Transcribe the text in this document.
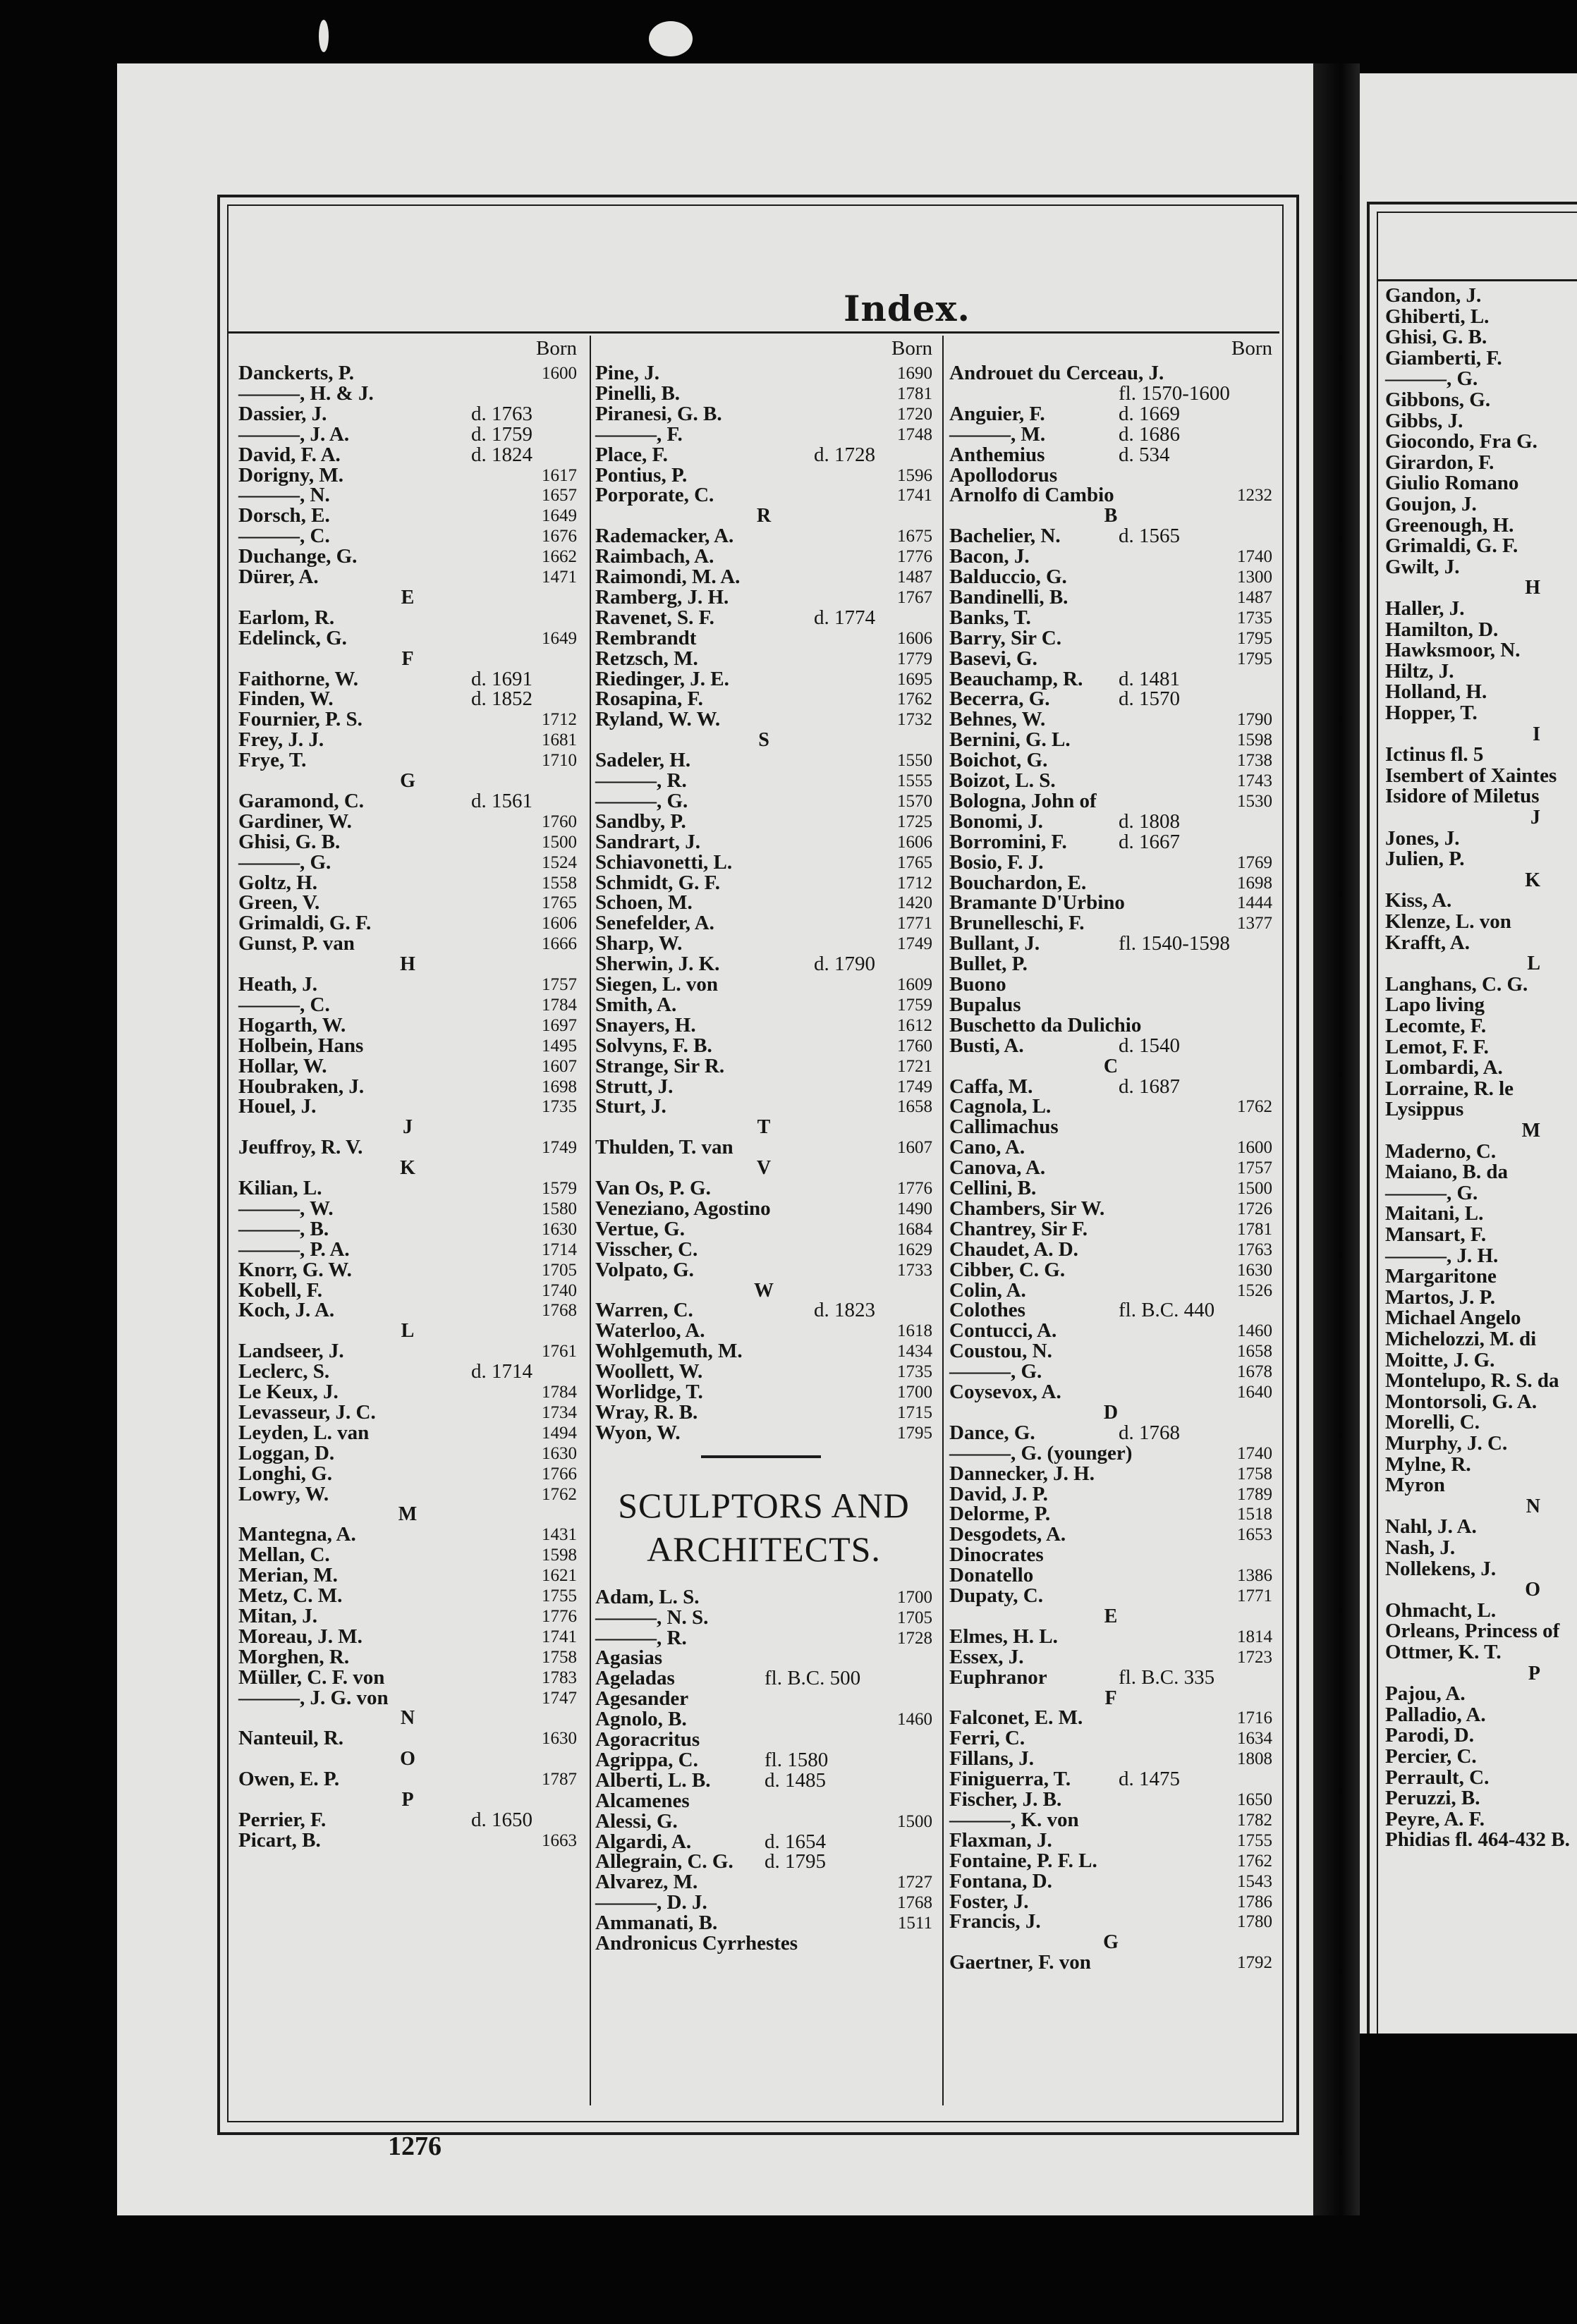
Index.
Born
Danckerts, P.	1600
———, H. & J.
Dassier, J.	d. 1763
———, J. A.	d. 1759
David, F. A.	d. 1824
Dorigny, M.	1617
———, N.	1657
Dorsch, E.	1649
———, C.	1676
Duchange, G.	1662
Dürer, A.	1471
E
Earlom, R.
Edelinck, G.	1649
F
Faithorne, W.	d. 1691
Finden, W.	d. 1852
Fournier, P. S.	1712
Frey, J. J.	1681
Frye, T.	1710
G
Garamond, C.	d. 1561
Gardiner, W.	1760
Ghisi, G. B.	1500
———, G.	1524
Goltz, H.	1558
Green, V.	1765
Grimaldi, G. F.	1606
Gunst, P. van	1666
H
Heath, J.	1757
———, C.	1784
Hogarth, W.	1697
Holbein, Hans	1495
Hollar, W.	1607
Houbraken, J.	1698
Houel, J.	1735
J
Jeuffroy, R. V.	1749
K
Kilian, L.	1579
———, W.	1580
———, B.	1630
———, P. A.	1714
Knorr, G. W.	1705
Kobell, F.	1740
Koch, J. A.	1768
L
Landseer, J.	1761
Leclerc, S.	d. 1714
Le Keux, J.	1784
Levasseur, J. C.	1734
Leyden, L. van	1494
Loggan, D.	1630
Longhi, G.	1766
Lowry, W.	1762
M
Mantegna, A.	1431
Mellan, C.	1598
Merian, M.	1621
Metz, C. M.	1755
Mitan, J.	1776
Moreau, J. M.	1741
Morghen, R.	1758
Müller, C. F. von	1783
———, J. G. von	1747
N
Nanteuil, R.	1630
O
Owen, E. P.	1787
P
Perrier, F.	d. 1650
Picart, B.	1663
Born
Pine, J.	1690
Pinelli, B.	1781
Piranesi, G. B.	1720
———, F.	1748
Place, F.	d. 1728
Pontius, P.	1596
Porporate, C.	1741
R
Rademacker, A.	1675
Raimbach, A.	1776
Raimondi, M. A.	1487
Ramberg, J. H.	1767
Ravenet, S. F.	d. 1774
Rembrandt	1606
Retzsch, M.	1779
Riedinger, J. E.	1695
Rosapina, F.	1762
Ryland, W. W.	1732
S
Sadeler, H.	1550
———, R.	1555
———, G.	1570
Sandby, P.	1725
Sandrart, J.	1606
Schiavonetti, L.	1765
Schmidt, G. F.	1712
Schoen, M.	1420
Senefelder, A.	1771
Sharp, W.	1749
Sherwin, J. K.	d. 1790
Siegen, L. von	1609
Smith, A.	1759
Snayers, H.	1612
Solvyns, F. B.	1760
Strange, Sir R.	1721
Strutt, J.	1749
Sturt, J.	1658
T
Thulden, T. van	1607
V
Van Os, P. G.	1776
Veneziano, Agostino	1490
Vertue, G.	1684
Visscher, C.	1629
Volpato, G.	1733
W
Warren, C.	d. 1823
Waterloo, A.	1618
Wohlgemuth, M.	1434
Woollett, W.	1735
Worlidge, T.	1700
Wray, R. B.	1715
Wyon, W.	1795
SCULPTORS AND
ARCHITECTS.
Adam, L. S.	1700
———, N. S.	1705
———, R.	1728
Agasias
Ageladas	fl. B.C. 500
Agesander
Agnolo, B.	1460
Agoracritus
Agrippa, C.	fl. 1580
Alberti, L. B.	d. 1485
Alcamenes
Alessi, G.	1500
Algardi, A.	d. 1654
Allegrain, C. G. d. 1795
Alvarez, M.	1727
———, D. J.	1768
Ammanati, B.	1511
Andronicus Cyrrhestes
Born
Androuet du Cerceau, J.
fl. 1570-1600
Anguier, F.	d. 1669
———, M.	d. 1686
Anthemius	d. 534
Apollodorus
Arnolfo di Cambio	1232
B
Bachelier, N.	d. 1565
Bacon, J.	1740
Balduccio, G.	1300
Bandinelli, B.	1487
Banks, T.	1735
Barry, Sir C.	1795
Basevi, G.	1795
Beauchamp, R. d. 1481
Becerra, G.	d. 1570
Behnes, W.	1790
Bernini, G. L.	1598
Boichot, G.	1738
Boizot, L. S.	1743
Bologna, John of	1530
Bonomi, J.	d. 1808
Borromini, F.	d. 1667
Bosio, F. J.	1769
Bouchardon, E.	1698
Bramante D'Urbino	1444
Brunelleschi, F.	1377
Bullant, J.	fl. 1540-1598
Bullet, P.
Buono
Bupalus
Buschetto da Dulichio
Busti, A.	d. 1540
C
Caffa, M.	d. 1687
Cagnola, L.	1762
Callimachus
Cano, A.	1600
Canova, A.	1757
Cellini, B.	1500
Chambers, Sir W.	1726
Chantrey, Sir F.	1781
Chaudet, A. D.	1763
Cibber, C. G.	1630
Colin, A.	1526
Colothes	fl. B.C. 440
Contucci, A.	1460
Coustou, N.	1658
———, G.	1678
Coysevox, A.	1640
D
Dance, G.	d. 1768
———, G. (younger)	1740
Dannecker, J. H.	1758
David, J. P.	1789
Delorme, P.	1518
Desgodets, A.	1653
Dinocrates
Donatello	1386
Dupaty, C.	1771
E
Elmes, H. L.	1814
Essex, J.	1723
Euphranor	fl. B.C. 335
F
Falconet, E. M.	1716
Ferri, C.	1634
Fillans, J.	1808
Finiguerra, T. d. 1475
Fischer, J. B.	1650
———, K. von	1782
Flaxman, J.	1755
Fontaine, P. F. L.	1762
Fontana, D.	1543
Foster, J.	1786
Francis, J.	1780
G
Gaertner, F. von	1792
1276
Gandon, J.
Ghiberti, L.
Ghisi, G. B.
Giamberti, F.
———, G.
Gibbons, G.
Gibbs, J.
Giocondo, Fra G.
Girardon, F.
Giulio Romano
Goujon, J.
Greenough, H.
Grimaldi, G. F.
Gwilt, J.
H
Haller, J.
Hamilton, D.
Hawksmoor, N.
Hiltz, J.
Holland, H.
Hopper, T.
I
Ictinus fl. 5
Isembert of Xaintes
Isidore of Miletus
J
Jones, J.
Julien, P.
K
Kiss, A.
Klenze, L. von
Krafft, A.
L
Langhans, C. G.
Lapo living
Lecomte, F.
Lemot, F. F.
Lombardi, A.
Lorraine, R. le
Lysippus
M
Maderno, C.
Maiano, B. da
———, G.
Maitani, L.
Mansart, F.
———, J. H.
Margaritone
Martos, J. P.
Michael Angelo
Michelozzi, M. di
Moitte, J. G.
Montelupo, R. S. da
Montorsoli, G. A.
Morelli, C.
Murphy, J. C.
Mylne, R.
Myron
N
Nahl, J. A.
Nash, J.
Nollekens, J.
O
Ohmacht, L.
Orleans, Princess of
Ottmer, K. T.
P
Pajou, A.
Palladio, A.
Parodi, D.
Percier, C.
Perrault, C.
Peruzzi, B.
Peyre, A. F.
Phidias fl. 464-432 B.
